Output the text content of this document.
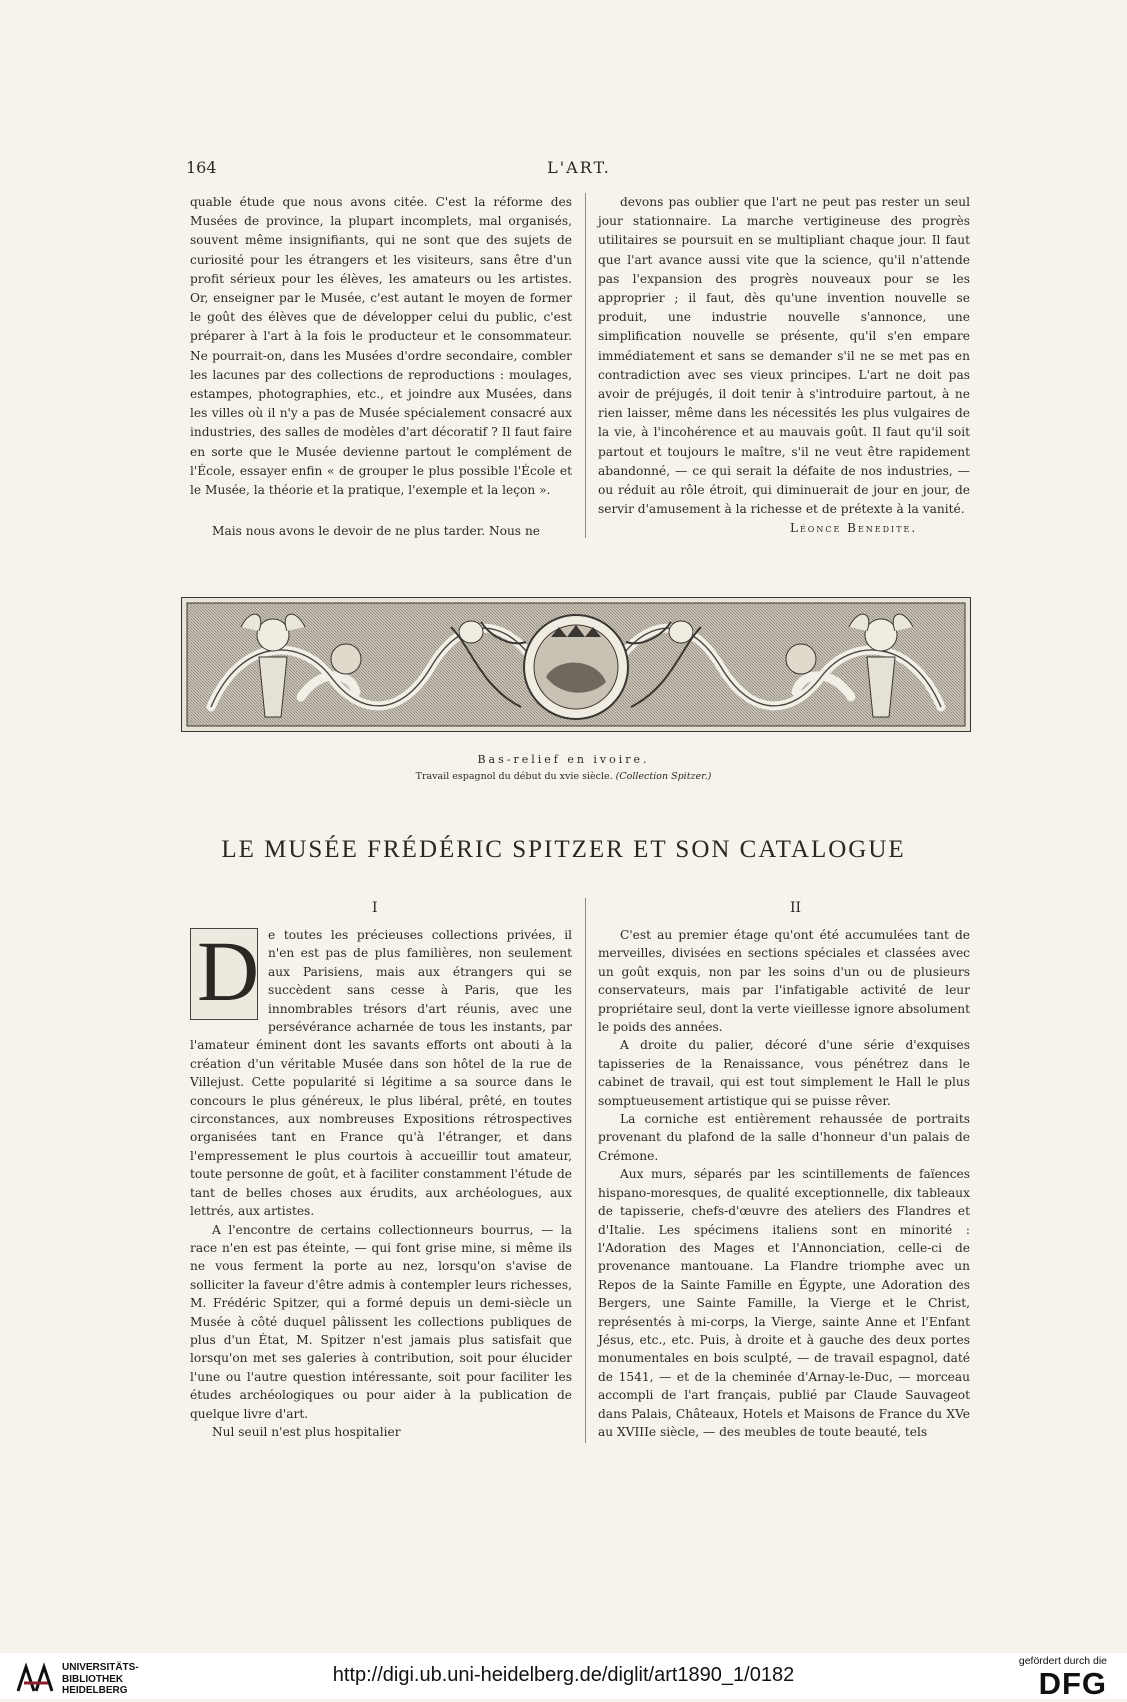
164	L'ART.

quable étude que nous avons citée. C'est la réforme des Musées de province, la plupart incomplets, mal organisés, souvent même insignifiants, qui ne sont que des sujets de curiosité pour les étrangers et les visiteurs, sans être d'un profit sérieux pour les élèves, les amateurs ou les artistes. Or, enseigner par le Musée, c'est autant le moyen de former le goût des élèves que de développer celui du public, c'est préparer à l'art à la fois le producteur et le consommateur. Ne pourrait-on, dans les Musées d'ordre secondaire, combler les lacunes par des collections de reproductions : moulages, estampes, photographies, etc., et joindre aux Musées, dans les villes où il n'y a pas de Musée spécialement consacré aux industries, des salles de modèles d'art décoratif ? Il faut faire en sorte que le Musée devienne partout le complément de l'École, essayer enfin « de grouper le plus possible l'École et le Musée, la théorie et la pratique, l'exemple et la leçon ».

Mais nous avons le devoir de ne plus tarder. Nous ne

devons pas oublier que l'art ne peut pas rester un seul jour stationnaire. La marche vertigineuse des progrès utilitaires se poursuit en se multipliant chaque jour. Il faut que l'art avance aussi vite que la science, qu'il n'attende pas l'expansion des progrès nouveaux pour se les approprier ; il faut, dès qu'une invention nouvelle se produit, une industrie nouvelle s'annonce, une simplification nouvelle se présente, qu'il s'en empare immédiatement et sans se demander s'il ne se met pas en contradiction avec ses vieux principes. L'art ne doit pas avoir de préjugés, il doit tenir à s'introduire partout, à ne rien laisser, même dans les nécessités les plus vulgaires de la vie, à l'incohérence et au mauvais goût. Il faut qu'il soit partout et toujours le maître, s'il ne veut être rapidement abandonné, — ce qui serait la défaite de nos industries, — ou réduit au rôle étroit, qui diminuerait de jour en jour, de servir d'amusement à la richesse et de prétexte à la vanité.

Léonce Benedite.
Bas-relief en ivoire.
Travail espagnol du début du xvie siècle. (Collection Spitzer.)
LE MUSÉE FRÉDÉRIC SPITZER ET SON CATALOGUE
I	II
D e toutes les précieuses collections privées, il n'en est pas de plus familières, non seulement aux Parisiens, mais aux étrangers qui se succèdent sans cesse à Paris, que les innombrables trésors d'art réunis, avec une persévérance acharnée de tous les instants, par l'amateur éminent dont les savants efforts ont abouti à la création d'un véritable Musée dans son hôtel de la rue de Villejust. Cette popularité si légitime a sa source dans le concours le plus généreux, le plus libéral, prêté, en toutes circonstances, aux nombreuses Expositions rétrospectives organisées tant en France qu'à l'étranger, et dans l'empressement le plus courtois à accueillir tout amateur, toute personne de goût, et à faciliter constamment l'étude de tant de belles choses aux érudits, aux archéologues, aux lettrés, aux artistes.

A l'encontre de certains collectionneurs bourrus, — la race n'en est pas éteinte, — qui font grise mine, si même ils ne vous ferment la porte au nez, lorsqu'on s'avise de solliciter la faveur d'être admis à contempler leurs richesses, M. Frédéric Spitzer, qui a formé depuis un demi-siècle un Musée à côté duquel pâlissent les collections publiques de plus d'un État, M. Spitzer n'est jamais plus satisfait que lorsqu'on met ses galeries à contribution, soit pour élucider l'une ou l'autre question intéressante, soit pour faciliter les études archéologiques ou pour aider à la publication de quelque livre d'art.

Nul seuil n'est plus hospitalier

C'est au premier étage qu'ont été accumulées tant de merveilles, divisées en sections spéciales et classées avec un goût exquis, non par les soins d'un ou de plusieurs conservateurs, mais par l'infatigable activité de leur propriétaire seul, dont la verte vieillesse ignore absolument le poids des années.

A droite du palier, décoré d'une série d'exquises tapisseries de la Renaissance, vous pénétrez dans le cabinet de travail, qui est tout simplement le Hall le plus somptueusement artistique qui se puisse rêver.

La corniche est entièrement rehaussée de portraits provenant du plafond de la salle d'honneur d'un palais de Crémone.

Aux murs, séparés par les scintillements de faïences hispano-moresques, de qualité exceptionnelle, dix tableaux de tapisserie, chefs-d'œuvre des ateliers des Flandres et d'Italie. Les spécimens italiens sont en minorité : l'Adoration des Mages et l'Annonciation, celle-ci de provenance mantouane. La Flandre triomphe avec un Repos de la Sainte Famille en Égypte, une Adoration des Bergers, une Sainte Famille, la Vierge et le Christ, représentés à mi-corps, la Vierge, sainte Anne et l'Enfant Jésus, etc., etc. Puis, à droite et à gauche des deux portes monumentales en bois sculpté, — de travail espagnol, daté de 1541, — et de la cheminée d'Arnay-le-Duc, — morceau accompli de l'art français, publié par Claude Sauvageot dans Palais, Châteaux, Hotels et Maisons de France du XVe au XVIIIe siècle, — des meubles de toute beauté, tels

UNIVERSITÄTS-
BIBLIOTHEK
HEIDELBERG
http://digi.ub.uni-heidelberg.de/diglit/art1890_1/0182
gefördert durch die
DFG
